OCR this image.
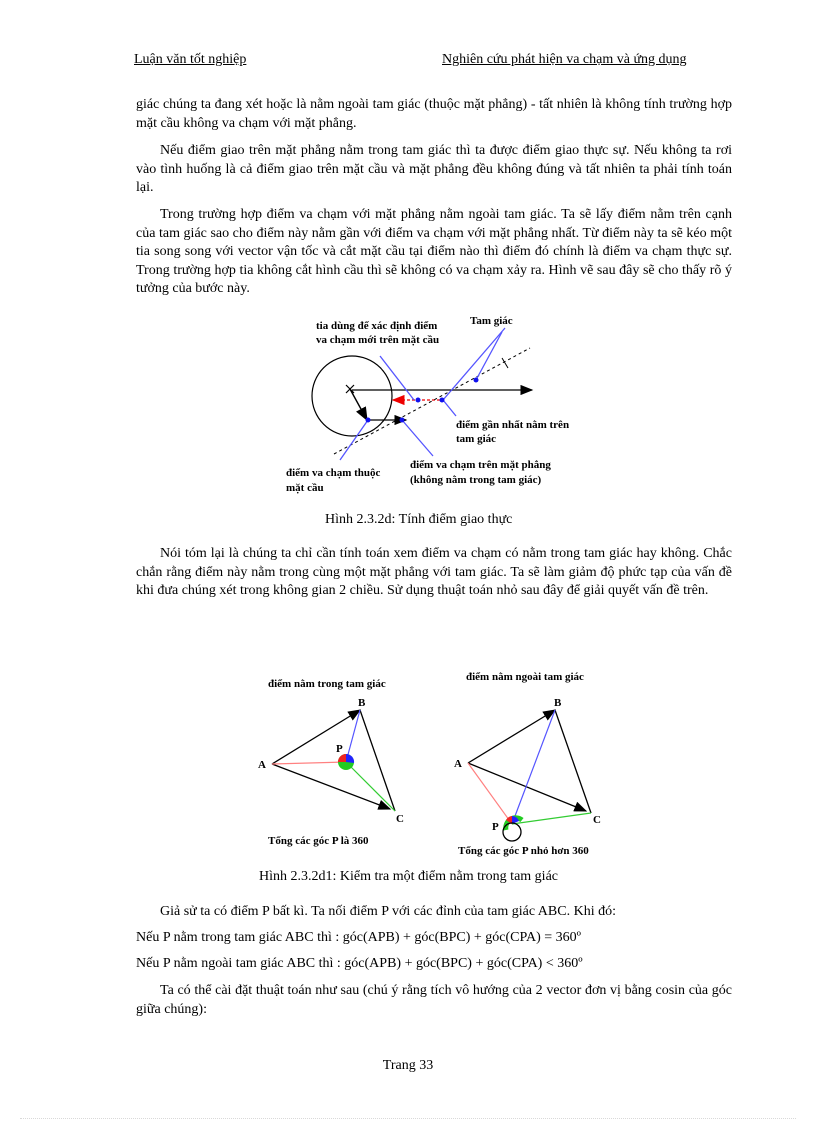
Luận văn tốt nghiệp	Nghiên cứu phát hiện va chạm và ứng dụng

giác chúng ta đang xét hoặc là nằm ngoài tam giác (thuộc mặt phẳng) - tất nhiên là không tính trường hợp mặt cầu không va chạm với mặt phẳng.

Nếu điểm giao trên mặt phẳng nằm trong tam giác thì ta được điểm giao thực sự. Nếu không ta rơi vào tình huống là cả điểm giao trên mặt cầu và mặt phẳng đều không đúng và tất nhiên ta phải tính toán lại.

Trong trường hợp điểm va chạm với mặt phẳng nằm ngoài tam giác. Ta sẽ lấy điểm nằm trên cạnh của tam giác sao cho điểm này nằm gần với điểm va chạm với mặt phẳng nhất. Từ điểm này ta sẽ kéo một tia song song với vector vận tốc và cắt mặt cầu tại điểm nào thì điểm đó chính là điểm va chạm thực sự. Trong trường hợp tia không cắt hình cầu thì sẽ không có va chạm xảy ra. Hình vẽ sau đây sẽ cho thấy rõ ý tưởng của bước này.

tia dùng để xác định điểm
va chạm mới trên mặt cầu
Tam giác
điểm gần nhất nằm trên
tam giác
điểm va chạm thuộc
mặt cầu
điểm va chạm trên mặt phẳng
(không nằm trong tam giác)

Hình 2.3.2d: Tính điểm giao thực

Nói tóm lại là chúng ta chỉ cần tính toán xem điểm va chạm có nằm trong tam giác hay không. Chắc chắn rằng điểm này nằm trong cùng một mặt phẳng với tam giác. Ta sẽ làm giảm độ phức tạp của vấn đề khi đưa chúng xét trong không gian 2 chiều. Sử dụng thuật toán nhỏ sau đây để giải quyết vấn đề trên.

điểm nằm trong tam giác
A
B
C
P
Tổng các góc P là 360
điểm nằm ngoài tam giác
A
B
C
P
Tổng các góc P nhỏ hơn 360

Hình 2.3.2d1: Kiểm tra một điểm nằm trong tam giác

Giả sử ta có điểm P bất kì. Ta nối điểm P với các đỉnh của tam giác ABC. Khi đó:

Nếu P nằm trong tam giác ABC thì : góc(APB) + góc(BPC) + góc(CPA) = 360º

Nếu P nằm ngoài tam giác ABC thì : góc(APB) + góc(BPC) + góc(CPA) < 360º

Ta có thể cài đặt thuật toán như sau (chú ý rằng tích vô hướng của 2 vector đơn vị bằng cosin của góc giữa chúng):

Trang 33
